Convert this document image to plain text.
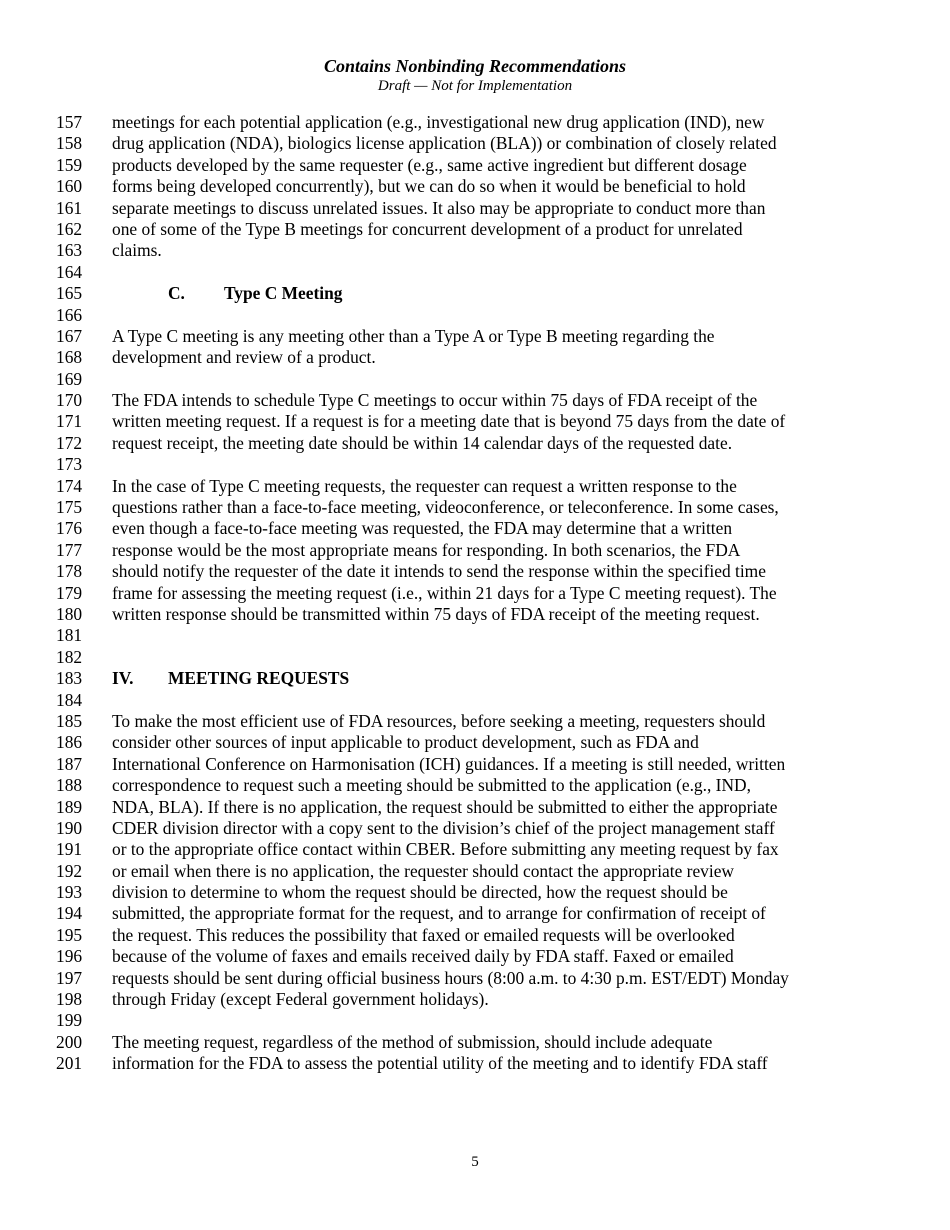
Contains Nonbinding Recommendations
Draft — Not for Implementation
157	meetings for each potential application (e.g., investigational new drug application (IND), new
158	drug application (NDA), biologics license application (BLA)) or combination of closely related
159	products developed by the same requester (e.g., same active ingredient but different dosage
160	forms being developed concurrently), but we can do so when it would be beneficial to hold
161	separate meetings to discuss unrelated issues. It also may be appropriate to conduct more than
162	one of some of the Type B meetings for concurrent development of a product for unrelated
163	claims.
164
165	C. Type C Meeting
166
167	A Type C meeting is any meeting other than a Type A or Type B meeting regarding the
168	development and review of a product.
169
170	The FDA intends to schedule Type C meetings to occur within 75 days of FDA receipt of the
171	written meeting request. If a request is for a meeting date that is beyond 75 days from the date of
172	request receipt, the meeting date should be within 14 calendar days of the requested date.
173
174	In the case of Type C meeting requests, the requester can request a written response to the
175	questions rather than a face-to-face meeting, videoconference, or teleconference. In some cases,
176	even though a face-to-face meeting was requested, the FDA may determine that a written
177	response would be the most appropriate means for responding. In both scenarios, the FDA
178	should notify the requester of the date it intends to send the response within the specified time
179	frame for assessing the meeting request (i.e., within 21 days for a Type C meeting request). The
180	written response should be transmitted within 75 days of FDA receipt of the meeting request.
181
182
183	IV. MEETING REQUESTS
184
185	To make the most efficient use of FDA resources, before seeking a meeting, requesters should
186	consider other sources of input applicable to product development, such as FDA and
187	International Conference on Harmonisation (ICH) guidances. If a meeting is still needed, written
188	correspondence to request such a meeting should be submitted to the application (e.g., IND,
189	NDA, BLA). If there is no application, the request should be submitted to either the appropriate
190	CDER division director with a copy sent to the division’s chief of the project management staff
191	or to the appropriate office contact within CBER. Before submitting any meeting request by fax
192	or email when there is no application, the requester should contact the appropriate review
193	division to determine to whom the request should be directed, how the request should be
194	submitted, the appropriate format for the request, and to arrange for confirmation of receipt of
195	the request. This reduces the possibility that faxed or emailed requests will be overlooked
196	because of the volume of faxes and emails received daily by FDA staff. Faxed or emailed
197	requests should be sent during official business hours (8:00 a.m. to 4:30 p.m. EST/EDT) Monday
198	through Friday (except Federal government holidays).
199
200	The meeting request, regardless of the method of submission, should include adequate
201	information for the FDA to assess the potential utility of the meeting and to identify FDA staff
5
